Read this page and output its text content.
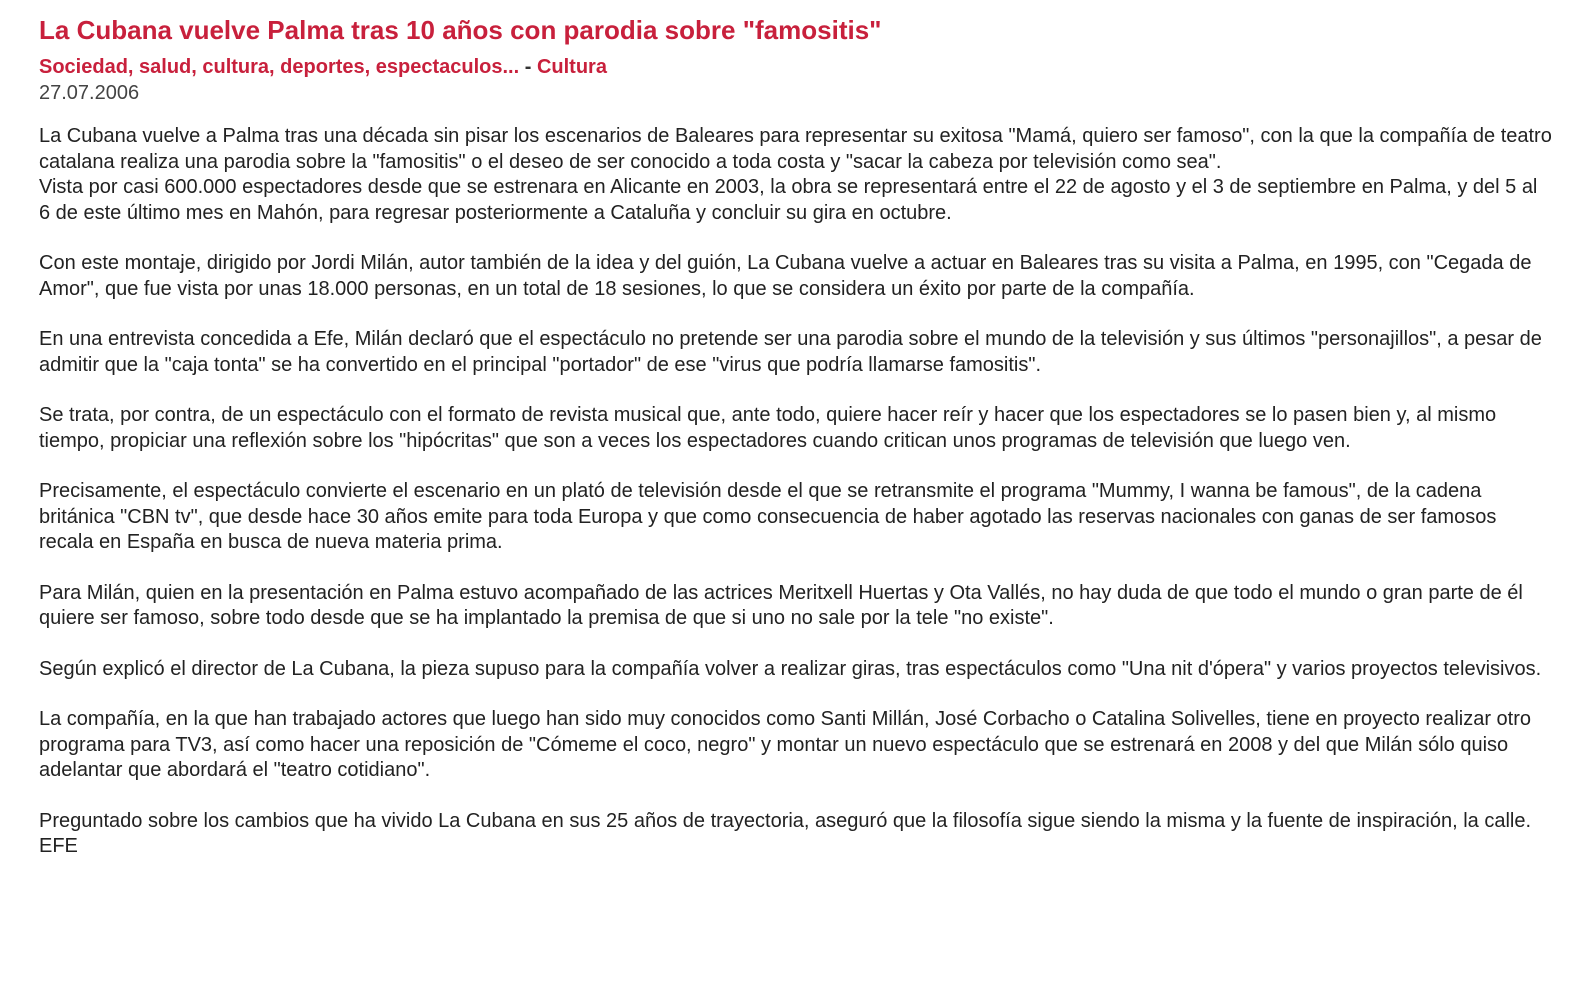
La Cubana vuelve Palma tras 10 años con parodia sobre "famositis"
Sociedad, salud, cultura, deportes, espectaculos... - Cultura
27.07.2006

La Cubana vuelve a Palma tras una década sin pisar los escenarios de Baleares para representar su exitosa "Mamá, quiero ser famoso", con la que la compañía de teatro catalana realiza una parodia sobre la "famositis" o el deseo de ser conocido a toda costa y "sacar la cabeza por televisión como sea".

Vista por casi 600.000 espectadores desde que se estrenara en Alicante en 2003, la obra se representará entre el 22 de agosto y el 3 de septiembre en Palma, y del 5 al 6 de este último mes en Mahón, para regresar posteriormente a Cataluña y concluir su gira en octubre.

Con este montaje, dirigido por Jordi Milán, autor también de la idea y del guión, La Cubana vuelve a actuar en Baleares tras su visita a Palma, en 1995, con "Cegada de Amor", que fue vista por unas 18.000 personas, en un total de 18 sesiones, lo que se considera un éxito por parte de la compañía.

En una entrevista concedida a Efe, Milán declaró que el espectáculo no pretende ser una parodia sobre el mundo de la televisión y sus últimos "personajillos", a pesar de admitir que la "caja tonta" se ha convertido en el principal "portador" de ese "virus que podría llamarse famositis".

Se trata, por contra, de un espectáculo con el formato de revista musical que, ante todo, quiere hacer reír y hacer que los espectadores se lo pasen bien y, al mismo tiempo, propiciar una reflexión sobre los "hipócritas" que son a veces los espectadores cuando critican unos programas de televisión que luego ven.

Precisamente, el espectáculo convierte el escenario en un plató de televisión desde el que se retransmite el programa "Mummy, I wanna be famous", de la cadena británica "CBN tv", que desde hace 30 años emite para toda Europa y que como consecuencia de haber agotado las reservas nacionales con ganas de ser famosos recala en España en busca de nueva materia prima.

Para Milán, quien en la presentación en Palma estuvo acompañado de las actrices Meritxell Huertas y Ota Vallés, no hay duda de que todo el mundo o gran parte de él quiere ser famoso, sobre todo desde que se ha implantado la premisa de que si uno no sale por la tele "no existe".

Según explicó el director de La Cubana, la pieza supuso para la compañía volver a realizar giras, tras espectáculos como "Una nit d'ópera" y varios proyectos televisivos.

La compañía, en la que han trabajado actores que luego han sido muy conocidos como Santi Millán, José Corbacho o Catalina Solivelles, tiene en proyecto realizar otro programa para TV3, así como hacer una reposición de "Cómeme el coco, negro" y montar un nuevo espectáculo que se estrenará en 2008 y del que Milán sólo quiso adelantar que abordará el "teatro cotidiano".

Preguntado sobre los cambios que ha vivido La Cubana en sus 25 años de trayectoria, aseguró que la filosofía sigue siendo la misma y la fuente de inspiración, la calle. EFE
